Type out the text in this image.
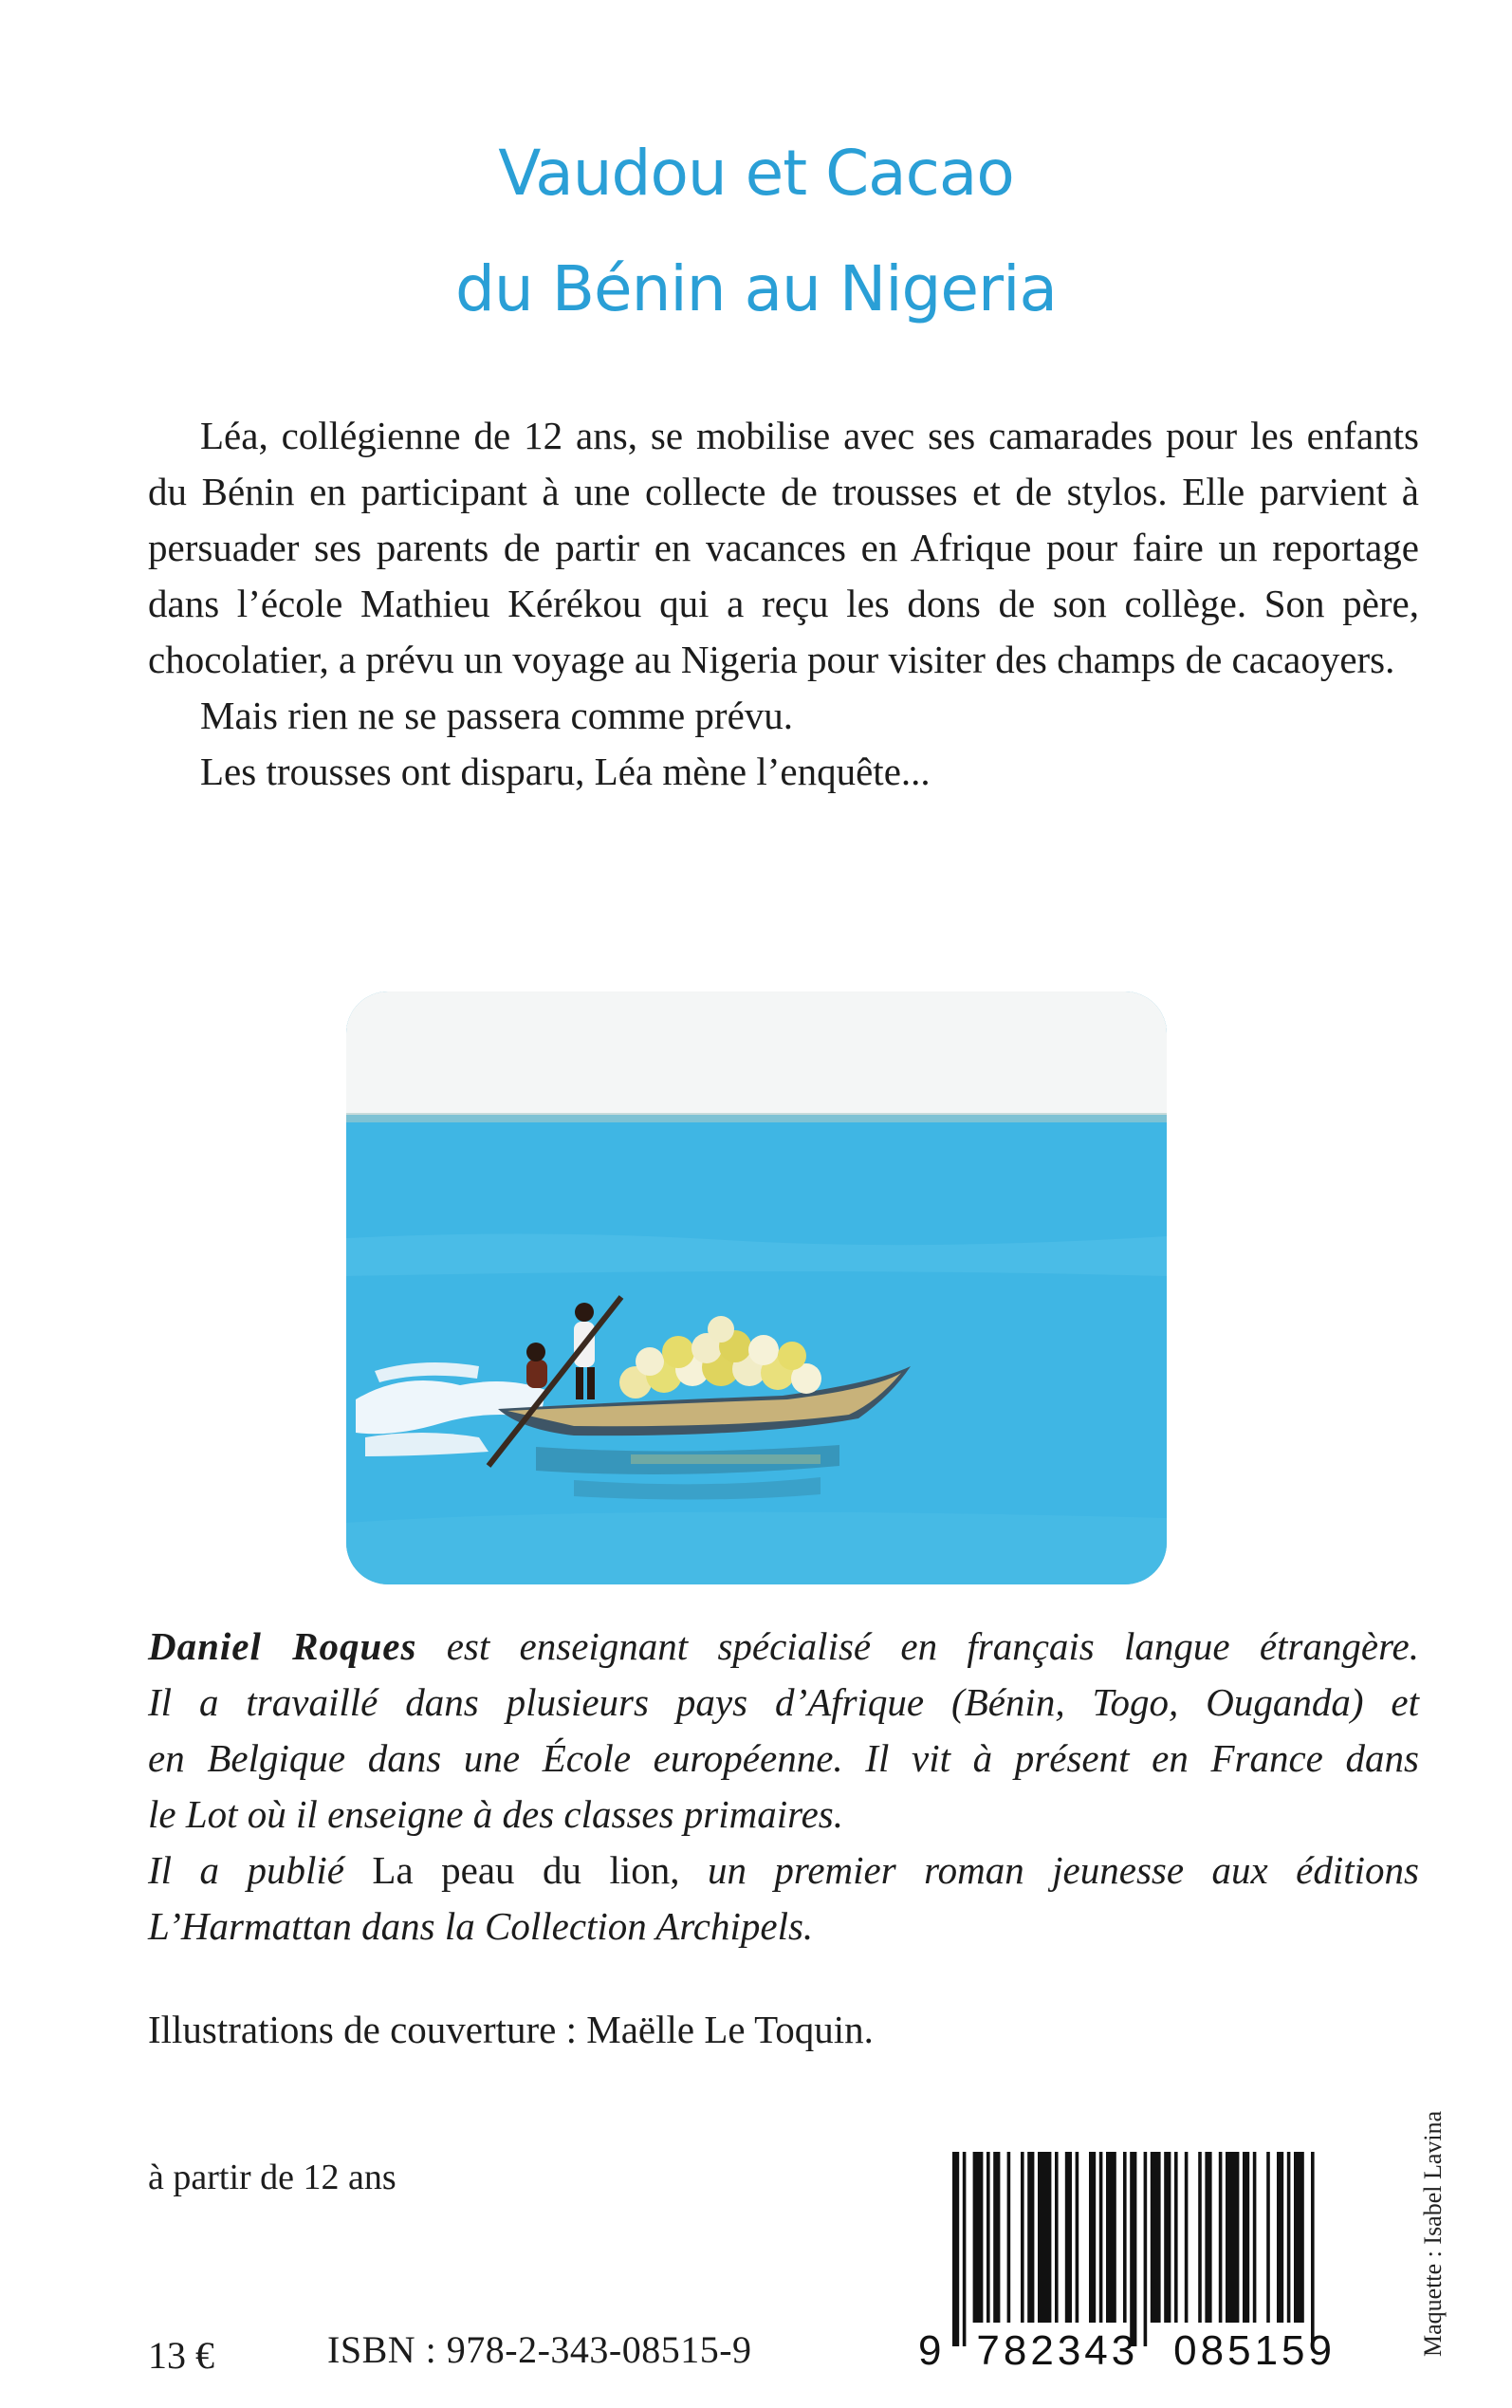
Vaudou et Cacao
du Bénin au Nigeria

Léa, collégienne de 12 ans, se mobilise avec ses camarades pour les enfants du Bénin en participant à une collecte de trousses et de stylos. Elle parvient à persuader ses parents de partir en vacances en Afrique pour faire un reportage dans l’école Mathieu Kérékou qui a reçu les dons de son collège. Son père, chocolatier, a prévu un voyage au Nigeria pour visiter des champs de cacaoyers.

Mais rien ne se passera comme prévu.

Les trousses ont disparu, Léa mène l’enquête...

Daniel Roques est enseignant spécialisé en français langue étrangère.

Il a travaillé dans plusieurs pays d’Afrique (Bénin, Togo, Ouganda) et

en Belgique dans une École européenne. Il vit à présent en France dans

le Lot où il enseigne à des classes primaires.

Il a publié La peau du lion, un premier roman jeunesse aux éditions

L’Harmattan dans la Collection Archipels.

Illustrations de couverture : Maëlle Le Toquin.
à partir de 12 ans
13 €	ISBN : 978-2-343-08515-9	9 782343 085159	Maquette : Isabel Lavina
